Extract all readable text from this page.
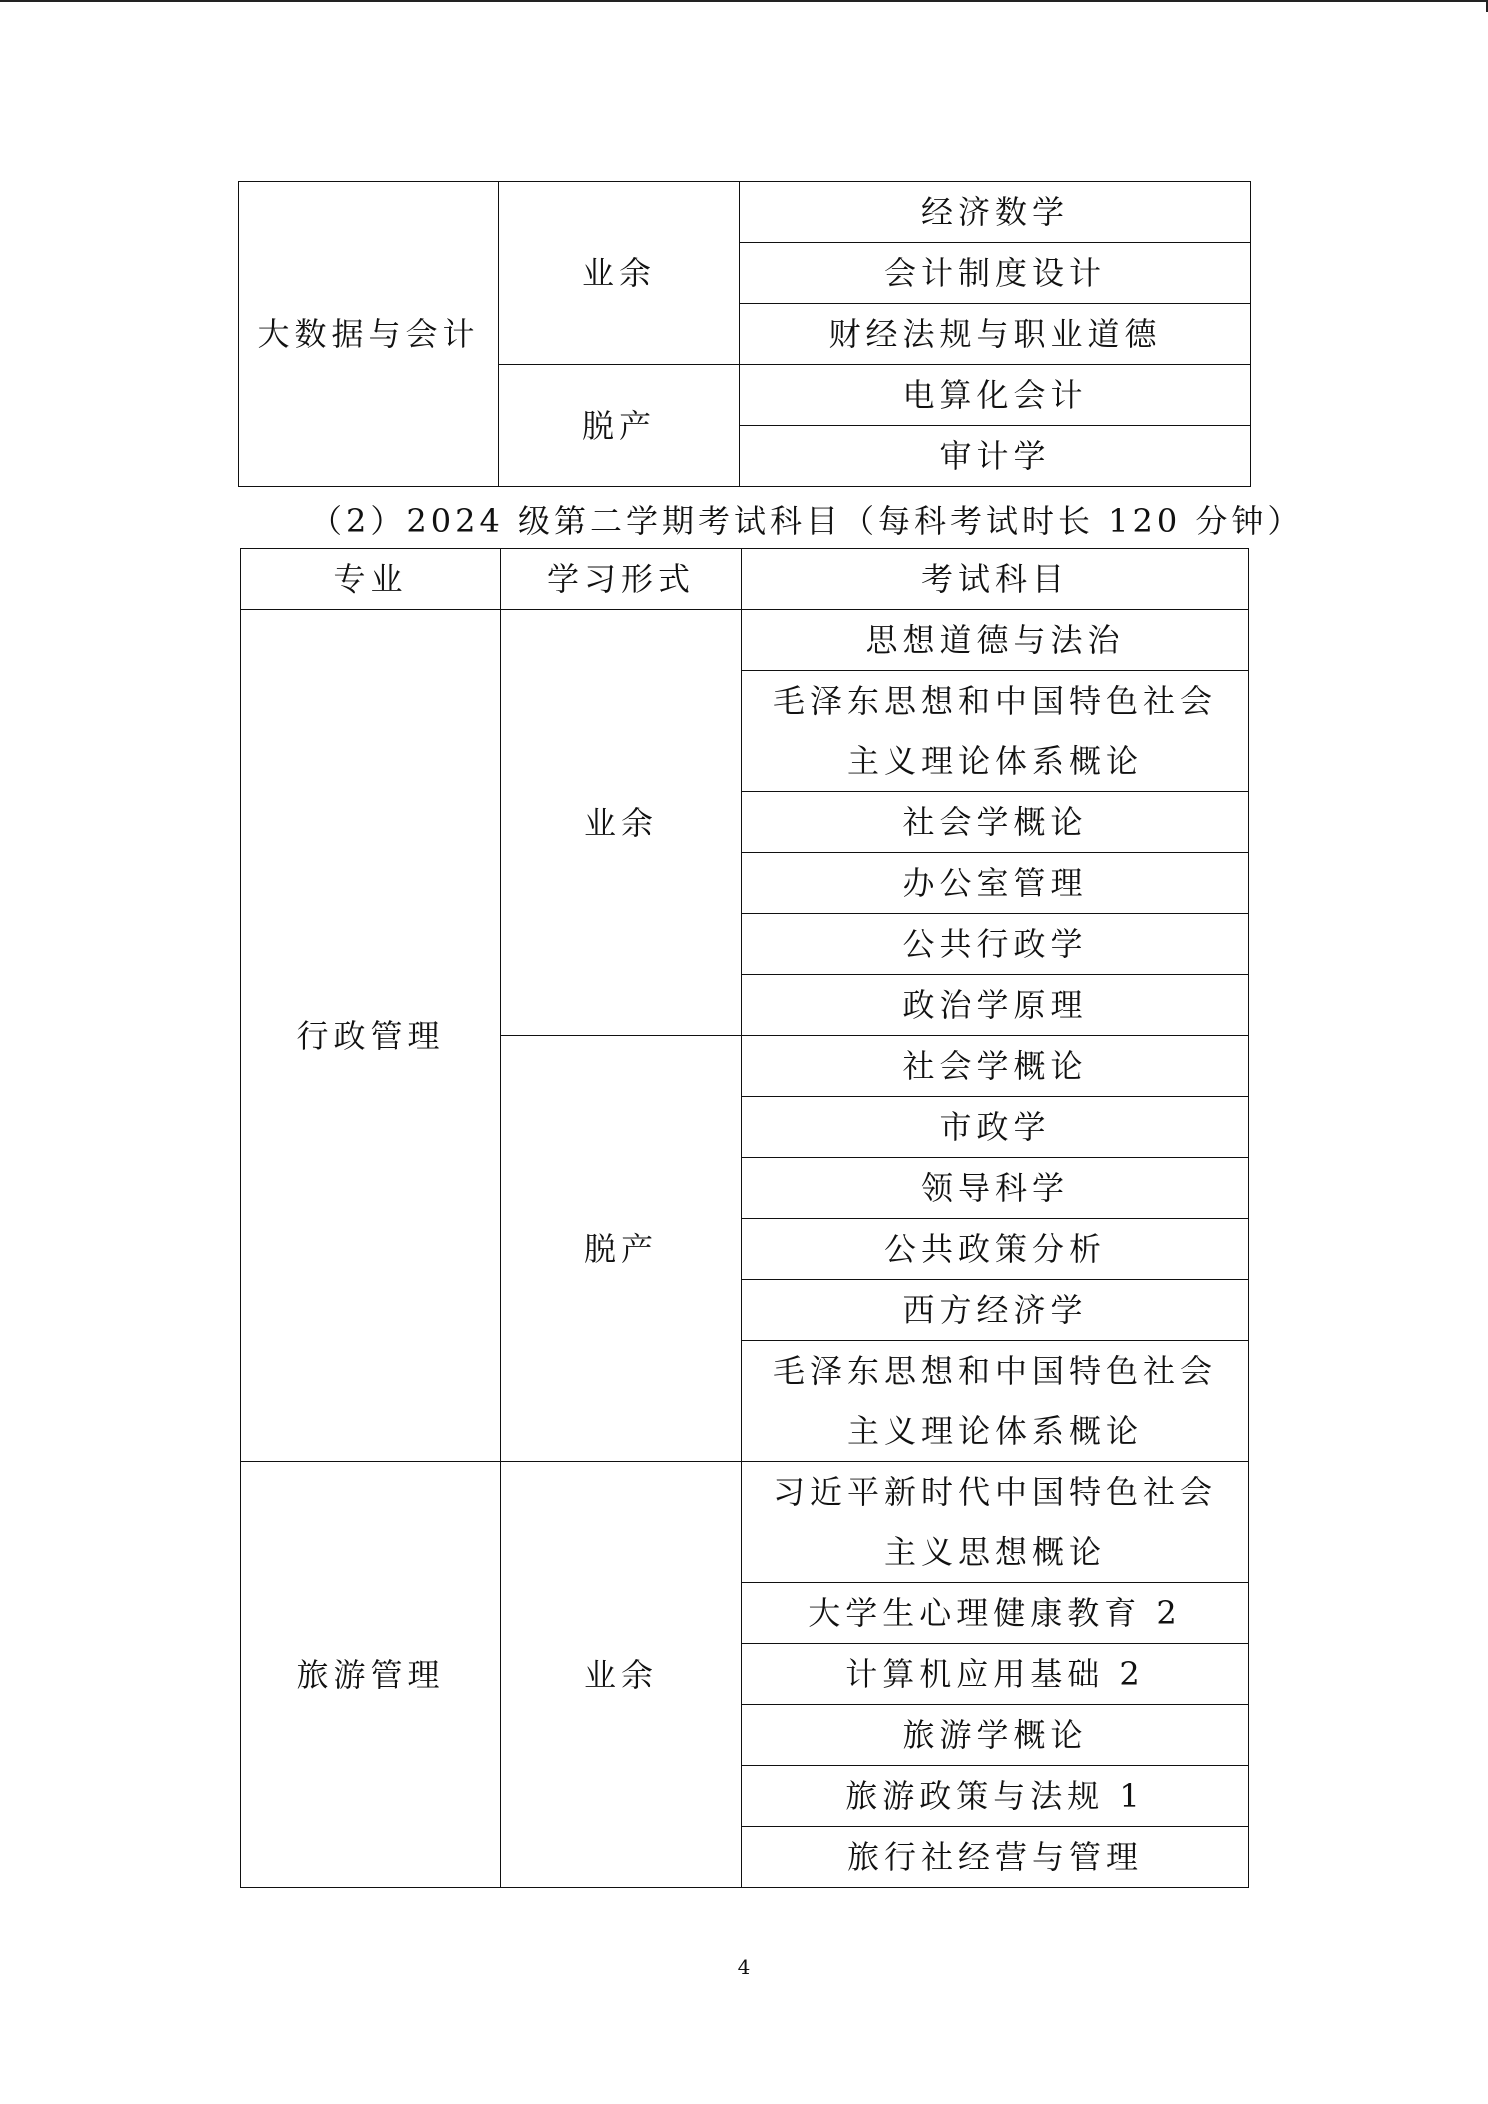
大数据与会计	业余	经济数学
		会计制度设计
		财经法规与职业道德
	脱产	电算化会计
		审计学
（2）2024 级第二学期考试科目（每科考试时长 120 分钟）
专业	学习形式	考试科目
行政管理	业余	思想道德与法治
		毛泽东思想和中国特色社会主义理论体系概论

		社会学概论
		办公室管理
		公共行政学
		政治学原理
	脱产	社会学概论
		市政学
		领导科学
		公共政策分析
		西方经济学
		毛泽东思想和中国特色社会主义理论体系概论

旅游管理	业余	习近平新时代中国特色社会主义思想概论

		大学生心理健康教育 2
		计算机应用基础 2
		旅游学概论
		旅游政策与法规 1
		旅行社经营与管理
4
